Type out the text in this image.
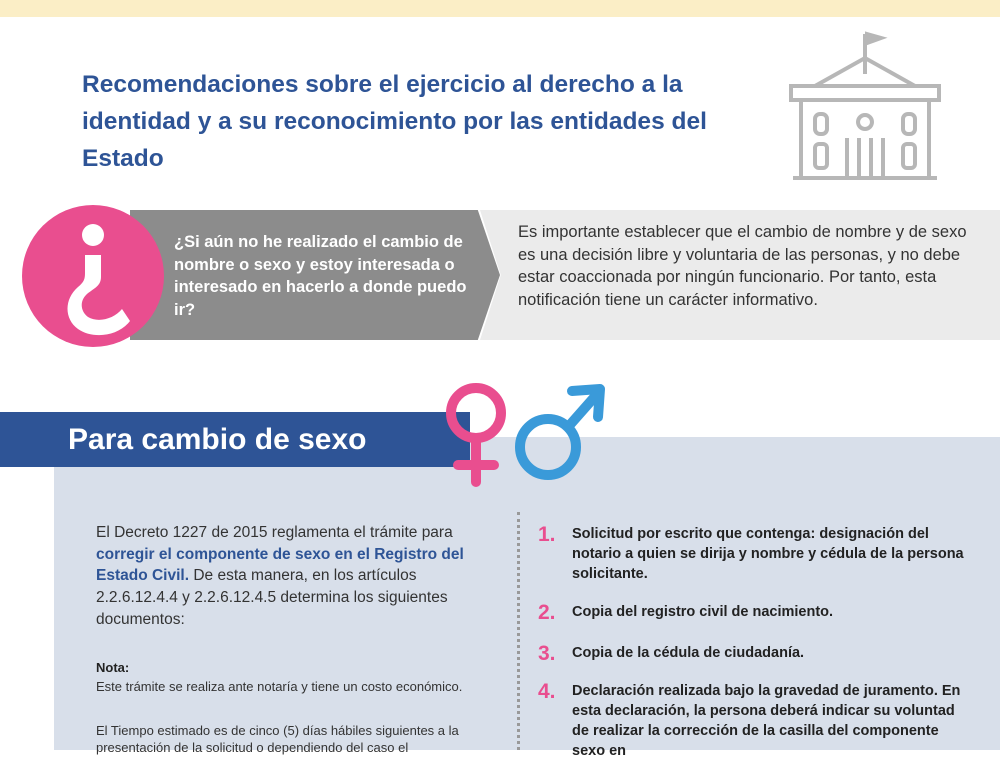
Recomendaciones sobre el ejercicio al derecho a la identidad y a su reconocimiento por las entidades del Estado
¿Si aún no he realizado el cambio de nombre o sexo y estoy interesada o interesado en hacerlo a donde puedo ir?
Es importante establecer que el cambio de nombre y de sexo es una decisión libre y voluntaria de las personas, y no debe estar coaccionada por ningún funcionario. Por tanto, esta notificación tiene un carácter informativo.
Para cambio de sexo
El Decreto 1227 de 2015 reglamenta el trámite para corregir el componente de sexo en el Registro del Estado Civil. De esta manera, en los artículos 2.2.6.12.4.4 y 2.2.6.12.4.5 determina los siguientes documentos:
Nota:
Este trámite se realiza ante notaría y tiene un costo económico.
El Tiempo estimado es de cinco (5) días hábiles siguientes a la presentación de la solicitud o dependiendo del caso el
1.	Solicitud por escrito que contenga: designación del notario a quien se dirija y nombre y cédula de la persona solicitante.
2.	Copia del registro civil de nacimiento.
3.	Copia de la cédula de ciudadanía.
4.	Declaración realizada bajo la gravedad de juramento. En esta declaración, la persona deberá indicar su voluntad de realizar la corrección de la casilla del componente sexo en
